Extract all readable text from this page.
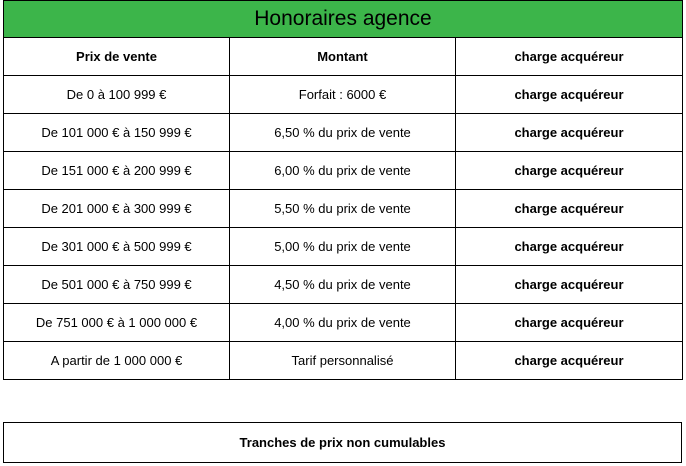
Honoraires agence		
Prix de vente	Montant	charge acquéreur
De 0 à 100 999 €	Forfait : 6000 €	charge acquéreur
De 101 000 € à 150 999 €	6,50 % du prix de vente	charge acquéreur
De 151 000 € à 200 999 €	6,00 % du prix de vente	charge acquéreur
De 201 000 € à 300 999 €	5,50 % du prix de vente	charge acquéreur
De 301 000 € à 500 999 €	5,00 % du prix de vente	charge acquéreur
De 501 000 € à 750 999 €	4,50 % du prix de vente	charge acquéreur
De 751 000 € à 1 000 000 €	4,00 % du prix de vente	charge acquéreur
A partir de 1 000 000 €	Tarif personnalisé	charge acquéreur
Tranches de prix non cumulables
